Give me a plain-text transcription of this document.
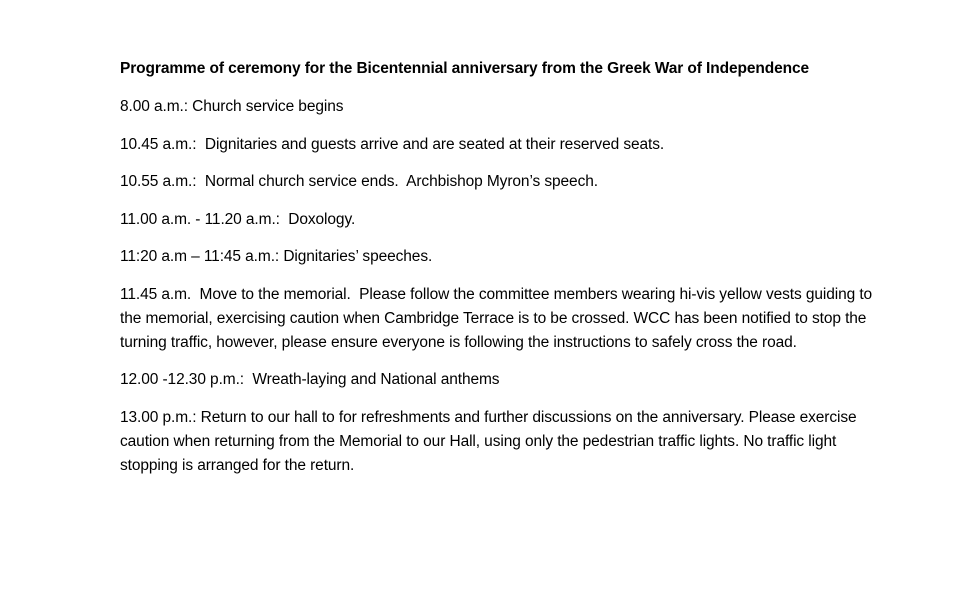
Programme of ceremony for the Bicentennial anniversary from the Greek War of Independence

8.00 a.m.: Church service begins

10.45 a.m.:  Dignitaries and guests arrive and are seated at their reserved seats.

10.55 a.m.:  Normal church service ends.  Archbishop Myron’s speech.

11.00 a.m. - 11.20 a.m.:  Doxology.

11:20 a.m – 11:45 a.m.: Dignitaries’ speeches.

11.45 a.m.  Move to the memorial.  Please follow the committee members wearing hi-vis yellow vests guiding to the memorial, exercising caution when Cambridge Terrace is to be crossed. WCC has been notified to stop the turning traffic, however, please ensure everyone is following the instructions to safely cross the road.

12.00 -12.30 p.m.:  Wreath-laying and National anthems

13.00 p.m.: Return to our hall to for refreshments and further discussions on the anniversary. Please exercise caution when returning from the Memorial to our Hall, using only the pedestrian traffic lights. No traffic light stopping is arranged for the return.
